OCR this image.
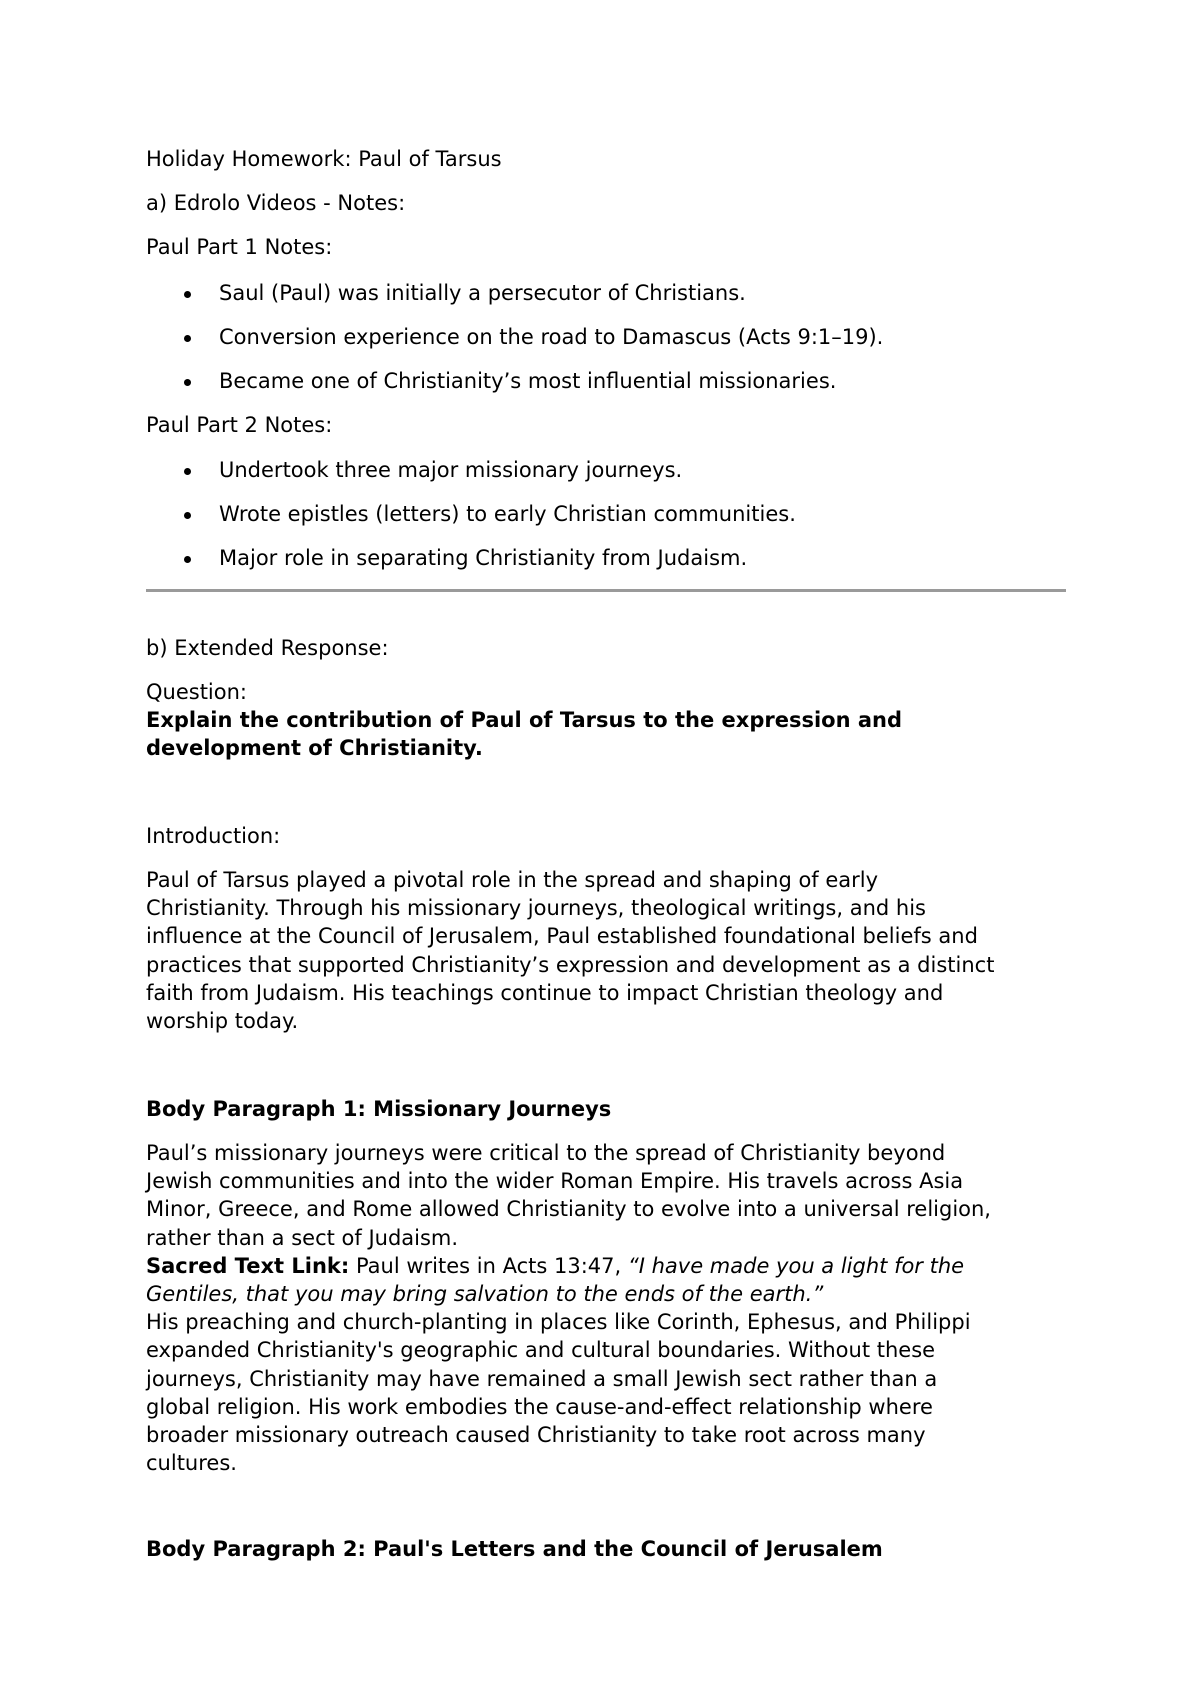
Holiday Homework: Paul of Tarsus
a) Edrolo Videos - Notes:
Paul Part 1 Notes:
Saul (Paul) was initially a persecutor of Christians.
Conversion experience on the road to Damascus (Acts 9:1–19).
Became one of Christianity’s most influential missionaries.
Paul Part 2 Notes:
Undertook three major missionary journeys.
Wrote epistles (letters) to early Christian communities.
Major role in separating Christianity from Judaism.
b) Extended Response:
Question:
Explain the contribution of Paul of Tarsus to the expression and
development of Christianity.
Introduction:
Paul of Tarsus played a pivotal role in the spread and shaping of early
Christianity. Through his missionary journeys, theological writings, and his
influence at the Council of Jerusalem, Paul established foundational beliefs and
practices that supported Christianity’s expression and development as a distinct
faith from Judaism. His teachings continue to impact Christian theology and
worship today.
Body Paragraph 1: Missionary Journeys
Paul’s missionary journeys were critical to the spread of Christianity beyond
Jewish communities and into the wider Roman Empire. His travels across Asia
Minor, Greece, and Rome allowed Christianity to evolve into a universal religion,
rather than a sect of Judaism.
Sacred Text Link: Paul writes in Acts 13:47, “I have made you a light for the
Gentiles, that you may bring salvation to the ends of the earth.”
His preaching and church-planting in places like Corinth, Ephesus, and Philippi
expanded Christianity's geographic and cultural boundaries. Without these
journeys, Christianity may have remained a small Jewish sect rather than a
global religion. His work embodies the cause-and-effect relationship where
broader missionary outreach caused Christianity to take root across many
cultures.
Body Paragraph 2: Paul's Letters and the Council of Jerusalem
